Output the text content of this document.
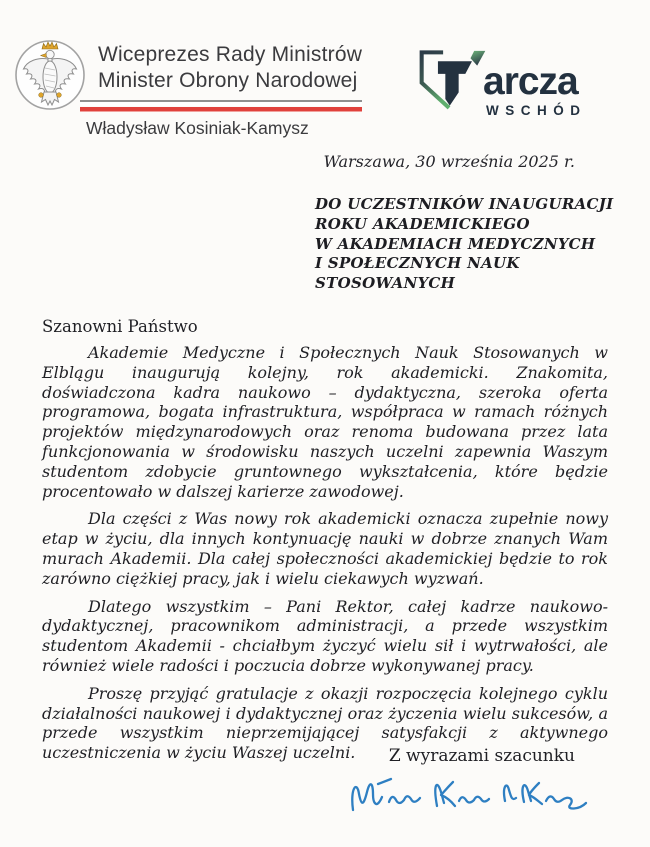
Wiceprezes Rady Ministrów
Minister Obrony Narodowej
Władysław Kosiniak-Kamysz
arcza
WSCHÓD
Warszawa, 30 września 2025 r.
DO UCZESTNIKÓW INAUGURACJI
ROKU AKADEMICKIEGO
W AKADEMIACH MEDYCZNYCH
I SPOŁECZNYCH NAUK
STOSOWANYCH

Szanowni Państwo

Akademie Medyczne i Społecznych Nauk Stosowanych w Elblągu inaugurują kolejny, rok akademicki. Znakomita, doświadczona kadra naukowo – dydaktyczna, szeroka oferta programowa, bogata infrastruktura, współpraca w ramach różnych projektów międzynarodowych oraz renoma budowana przez lata funkcjonowania w środowisku naszych uczelni zapewnia Waszym studentom zdobycie gruntownego wykształcenia, które będzie procentowało w dalszej karierze zawodowej.

Dla części z Was nowy rok akademicki oznacza zupełnie nowy etap w życiu, dla innych kontynuację nauki w dobrze znanych Wam murach Akademii. Dla całej społeczności akademickiej będzie to rok zarówno ciężkiej pracy, jak i wielu ciekawych wyzwań.

Dlatego wszystkim – Pani Rektor, całej kadrze naukowo-dydaktycznej, pracownikom administracji, a przede wszystkim studentom Akademii - chciałbym życzyć wielu sił i wytrwałości, ale również wiele radości i poczucia dobrze wykonywanej pracy.

Proszę przyjąć gratulacje z okazji rozpoczęcia kolejnego cyklu działalności naukowej i dydaktycznej oraz życzenia wielu sukcesów, a przede wszystkim nieprzemijającej satysfakcji z aktywnego uczestniczenia w życiu Waszej uczelni.	Z wyrazami szacunku
